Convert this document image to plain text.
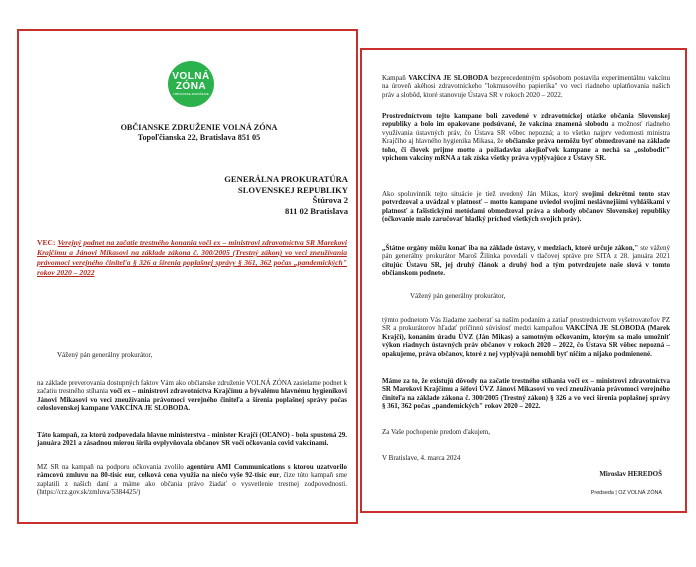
VOLNÁ
ZÓNA
OBČIANSKE ZDRUŽENIE

OBČIANSKE ZDRUŽENIE VOLNÁ ZÓNA

Topoľčianska 22, Bratislava 851 05

GENERÁLNA PROKURATÚRA
SLOVENSKEJ REPUBLIKY
Štúrova 2
811 02 Bratislava

VEC: Verejný podnet na začatie trestného konania voči ex – ministrovi zdravotníctva SR Marekovi Krajčímu a Jánovi Mikasovi na základe zákona č. 300/2005 (Trestný zákon) vo veci zneužívania právomoci verejného činiteľa § 326 a šírenia poplašnej správy § 361, 362 počas „pandemických" rokov 2020 – 2022

Vážený pán generálny prokurátor,

na základe preverovania dostupných faktov Vám ako občianske združenie VOLNÁ ZÓNA zasielame podnet k začatiu trestného stíhania voči ex – ministrovi zdravotníctva Krajčímu a bývalému hlavnému hygienikovi Jánovi Mikasovi vo veci zneužívania právomoci verejného činiteľa a šírenia poplašnej správy počas celoslovenskej kampane VAKCÍNA JE SLOBODA.

Táto kampaň, za ktorú zodpovedala hlavne ministerstva - minister Krajčí (OĽANO) - bola spustená 29. januára 2021 a zásadnou mierou šírila ovplyvňovala občanov SR voči očkovania covid vakcínami.

MZ SR na kampaň na podporu očkovania zvolilo agentúru AMI Communications s ktorou uzatvorilo rámcovú zmluvu na 80-tisíc eur, celková cena využia na niečo vyše 92-tisíc eur, čize túto kampaň sme zaplatili z našich daní a máme ako občania právo žiadať o vysvetlenie trestnej zodpovednosti. (https://crz.gov.sk/zmluva/5384425/)

Kampaň VAKCÍNA JE SLOBODA bezprecedentným spôsobom postavila experimentálnu vakcínu na úroveň akéhosi zdravotníckeho "lokmusového papierika" vo veci riadneho uplatňovania našich práv a slobôd, ktoré stanovuje Ústava SR v rokoch 2020 – 2022.

Prostredníctvom tejto kampane boli zavedené v zdravotníckej otázke občania Slovenskej republiky a bolo im opakovane podsúvané, že vakcína znamená slobodu a možnosť riadneho využívania ústavných práv, čo Ústava SR vôbec nepozná; a to všetko najprv vedomosti ministra Krajčího aj hlavného hygienika Mikasa, že občianske práva nemôžu byť obmedzované na základe toho, či človek prijme motto a požiadavku akejkoľvek kampane a nechá sa „oslobodiť" vpichom vakcíny mRNA a tak získa všetky práva vyplývajúce z Ústavy SR.

Ako spoluvinník tejto situácie je tiež uvedený Ján Mikas, ktorý svojimi dekrétmi tento stav potvrdzoval a uvádzal v platnosť – motto kampane uviedol svojimi neslávnejšími vyhláškami v platnosť a fašistickými metódami obmedzoval práva a slobody občanov Slovenskej republiky (očkovanie malo zaručovať hladký príchod všetkých svojich práv).

„Štátne orgány môžu konať iba na základe ústavy, v medziach, ktoré určuje zákon," ste vážený pán generálny prokurátor Maroš Žilinka povedali v tlačovej správe pre SITA z 28. januára 2021 citujúc Ústavu SR, jej druhý článok a druhý bod a tým potvrdzujete naše slová v tomto občianskom podnete.

Vážený pán generálny prokurátor,

týmto podnetom Vás žiadame zaoberať sa naším podaním a zatiaľ prostredníctvom vyšetrovateľov PZ SR a prokurátorov hľadať príčinnú súvislosť medzi kampaňou VAKCÍNA JE SLOBODA (Marek Krajčí), konaním úradu ÚVZ (Ján Mikas) a samotným očkovaním, ktorým sa malo umožniť výkon riadnych ústavných práv občanov v rokoch 2020 – 2022, čo Ústava SR vôbec nepozná – opakujeme, práva občanov, ktoré z nej vyplývajú nemohli byť ničím a nijako podmienené.

Máme za to, že existujú dôvody na začatie trestného stíhania voči ex – ministrovi zdravotníctva SR Marekovi Krajčímu a šéfovi ÚVZ Jánovi Mikasovi vo veci zneužívania právomoci verejného činiteľa na základe zákona č. 300/2005 (Trestný zákon) § 326 a vo veci šírenia poplašnej správy § 361, 362 počas „pandemických" rokov 2020 – 2022.

Za Vaše pochopenie predom ďakujem,

V Bratislave, 4. marca 2024

Miroslav HEREDOŠ

Predseda | OZ VOLNÁ ZÓNA
